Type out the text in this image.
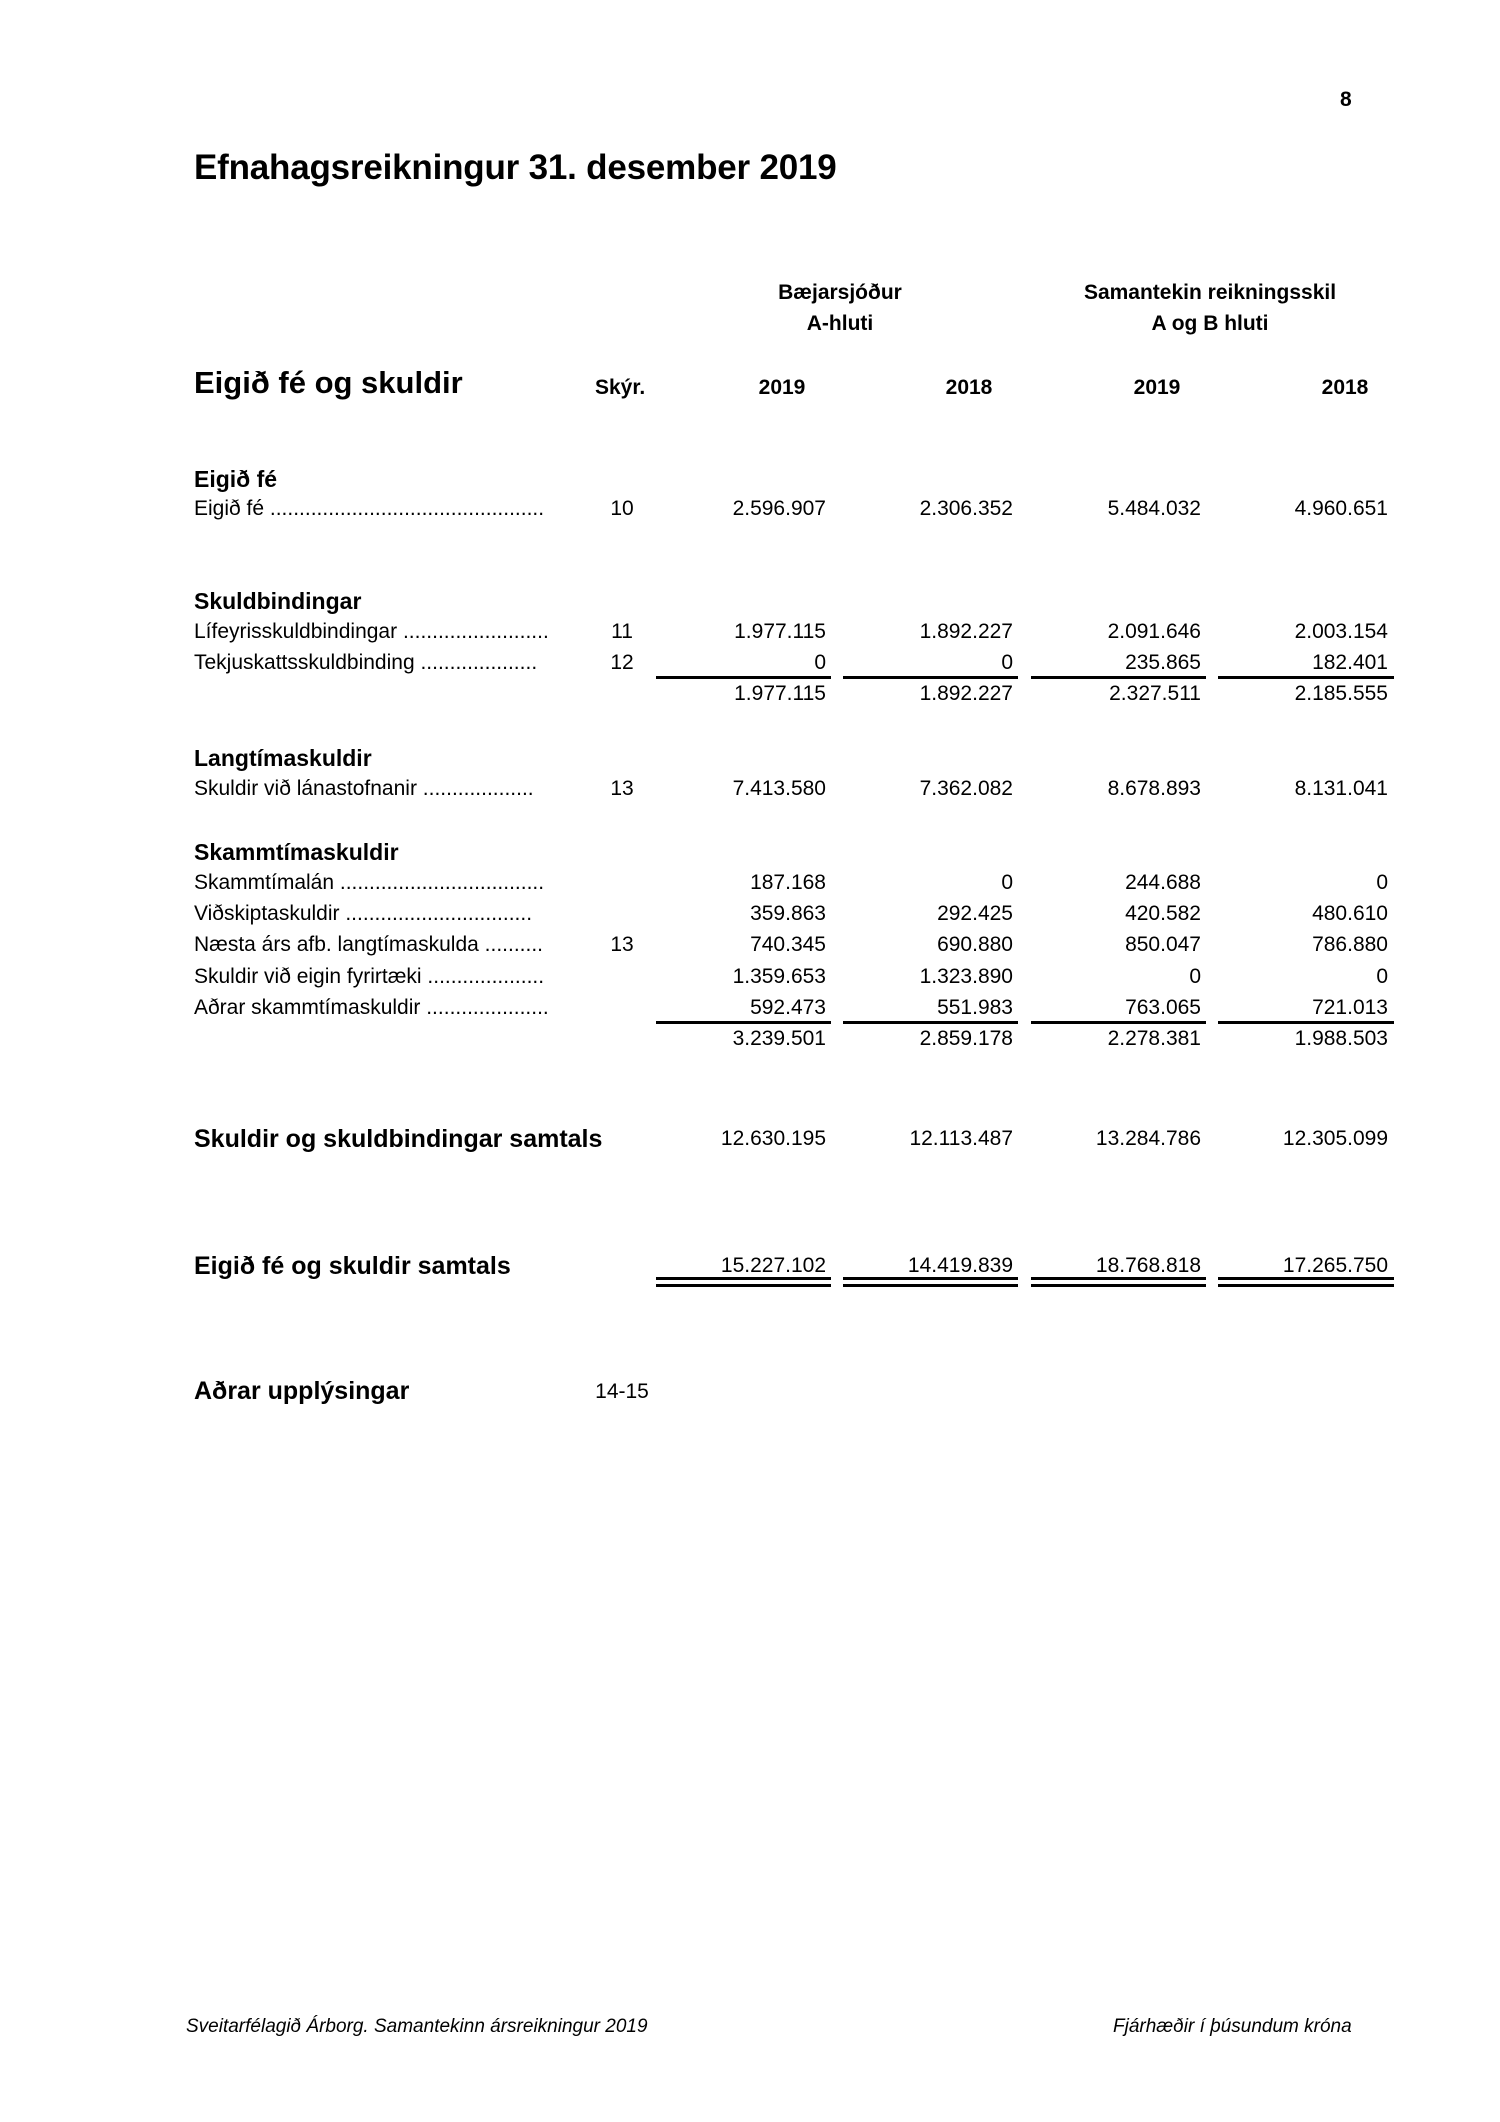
8
Efnahagsreikningur 31. desember 2019
Bæjarsjóður
A-hluti
Samantekin reikningsskil
A og B hluti
Eigið fé og skuldir	Skýr.	2019	2018	2019	2018
Eigið fé
Eigið fé ...............................................	10	2.596.907	2.306.352	5.484.032	4.960.651
Skuldbindingar
Lífeyrisskuldbindingar .........................	11	1.977.115	1.892.227	2.091.646	2.003.154
Tekjuskattsskuldbinding ....................	12	0	0	235.865	182.401
1.977.115	1.892.227	2.327.511	2.185.555
Langtímaskuldir
Skuldir við lánastofnanir ...................	13	7.413.580	7.362.082	8.678.893	8.131.041
Skammtímaskuldir
Skammtímalán ...................................	187.168	0	244.688	0
Viðskiptaskuldir ................................	359.863	292.425	420.582	480.610
Næsta árs afb. langtímaskulda ..........	13	740.345	690.880	850.047	786.880
Skuldir við eigin fyrirtæki ....................	1.359.653	1.323.890	0	0
Aðrar skammtímaskuldir .....................	592.473	551.983	763.065	721.013
3.239.501	2.859.178	2.278.381	1.988.503
Skuldir og skuldbindingar samtals	12.630.195	12.113.487	13.284.786	12.305.099
Eigið fé og skuldir samtals	15.227.102	14.419.839	18.768.818	17.265.750
Aðrar upplýsingar	14-15
Sveitarfélagið Árborg. Samantekinn ársreikningur 2019	Fjárhæðir í þúsundum króna
